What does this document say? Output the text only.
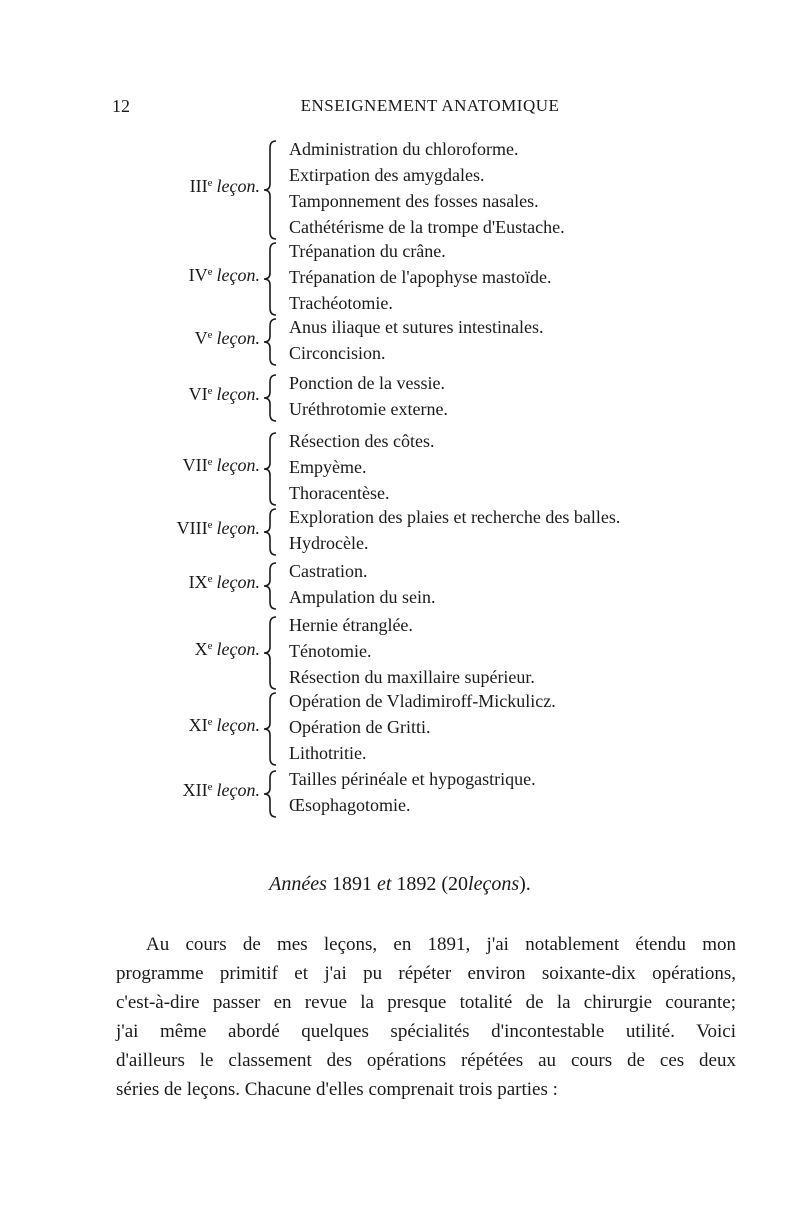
12	ENSEIGNEMENT ANATOMIQUE
IIIe leçon.
Administration du chloroforme.
Extirpation des amygdales.
Tamponnement des fosses nasales.
Cathétérisme de la trompe d'Eustache.
IVe leçon.
Trépanation du crâne.
Trépanation de l'apophyse mastoïde.
Trachéotomie.
Ve leçon.
Anus iliaque et sutures intestinales.
Circoncision.
VIe leçon.
Ponction de la vessie.
Uréthrotomie externe.
VIIe leçon.
Résection des côtes.
Empyème.
Thoracentèse.
VIIIe leçon.
Exploration des plaies et recherche des balles.
Hydrocèle.
IXe leçon.
Castration.
Ampulation du sein.
Xe leçon.
Hernie étranglée.
Ténotomie.
Résection du maxillaire supérieur.
XIe leçon.
Opération de Vladimiroff-Mickulicz.
Opération de Gritti.
Lithotritie.
XIIe leçon.
Tailles périnéale et hypogastrique.
Œsophagotomie.
Années 1891 et 1892 (20leçons).
Au cours de mes leçons, en 1891, j'ai notablement étendu mon
programme primitif et j'ai pu répéter environ soixante-dix opérations,
c'est-à-dire passer en revue la presque totalité de la chirurgie courante;
j'ai même abordé quelques spécialités d'incontestable utilité. Voici
d'ailleurs le classement des opérations répétées au cours de ces deux
séries de leçons. Chacune d'elles comprenait trois parties :
